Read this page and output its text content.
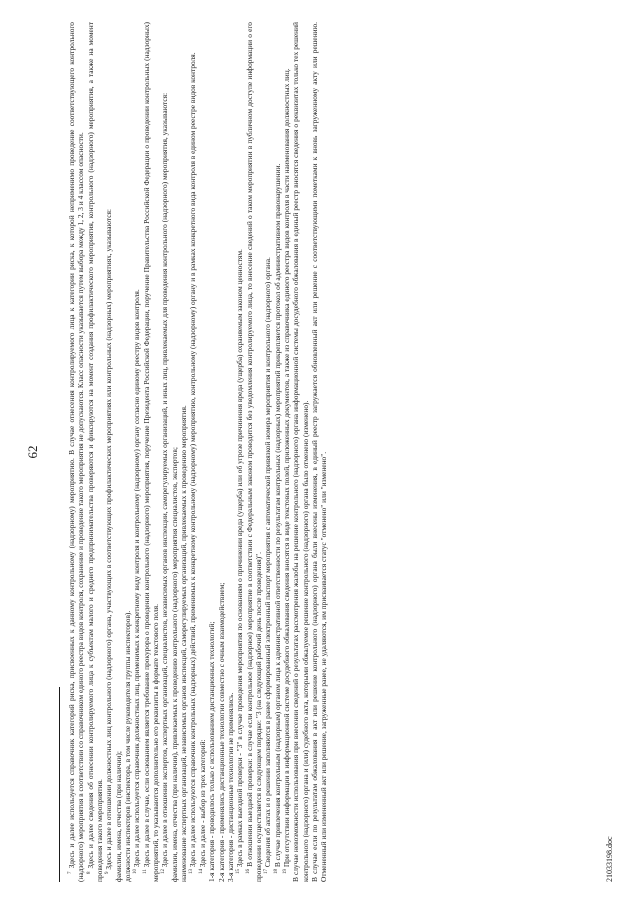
62

$^7$ Здесь и далее используется справочник категорий риска, присвоенных к данному контрольному (надзорному) мероприятию. В случае отнесения контролируемого лица к категории риска, к которой неприменимо проведение соответствующего контрольного (надзорного) мероприятия в соответствии со справочником единого реестра видов контроля, сохранение и проведение такого мероприятия не допускаются. Класс опасности указывается путем выбора между 1, 2, 3 и 4 классом опасности. $^8$ Здесь и далее сведения об отнесении контролируемого лица к субъектам малого и среднего предпринимательства проверяются и фиксируются на момент создания профилактического мероприятия, контрольного (надзорного) мероприятия, а также на момент проведения такого мероприятия. $^9$ Здесь и далее в отношении должностных лиц контрольного (надзорного) органа, участвующих в соответствующих профилактических мероприятиях или контрольных (надзорных) мероприятиях, указываются: фамилии, имена, отчества (при наличии); должности инспекторов (инспектора, в том числе руководителя группы инспекторов). $^{10}$ Здесь и далее используется справочник должностных лиц, применимых к конкретному виду контроля и контрольному (надзорному) органу согласно единому реестру видов контроля.

$^{11}$ Здесь и далее в случае, если основанием является требование прокурора о проведении контрольного (надзорного) мероприятия, поручение Президента Российской Федерации, поручение Правительства Российской Федерации о проведении контрольных (надзорных) мероприятий, то указываются дополнительно его реквизиты в формате текстового поля. $^{12}$ Здесь и далее в отношении экспертов, экспертных организаций, специалистов, независимых органов инспекции, саморегулируемых организаций, и иных лиц, привлекаемых для проведения контрольного (надзорного) мероприятия, указываются: фамилии, имена, отчества (при наличии), привлекаемых к проведению контрольного (надзорного) мероприятия специалистов, экспертов; наименование экспертных организаций, независимых органов инспекций, саморегулируемых организаций, привлекаемых к проведению мероприятия. $^{13}$ Здесь и далее используются справочник контрольных (надзорных) действий, применимых к конкретному контрольному (надзорному) мероприятию, контрольному (надзорному) органу и в рамках конкретного вида контроля в едином реестре видов контроля.

$^{14}$ Здесь и далее - выбор из трех категорий: 1-я категория - проводилось только с использованием дистанционных технологий; 2-я категория - применялись дистанционные технологии совместно с очным взаимодействием; 3-я категория - дистанционные технологии не применялись. $^{15}$ Здесь в рамках выездной проверки - "3" в случае проведения мероприятия по основаниям о причинении вреда (ущерба) или об угрозе причинения вреда (ущерба) охраняемым законом ценностям.

$^{16}$ В отношении выездной проверки: в случае если контрольное (надзорное) мероприятие в соответствии с Федеральным законом проводится без уведомления контролируемого лица, то внесение сведений о таком мероприятии в публичном доступе информации о его проведении осуществляется в следующем порядке: "3 (на следующий рабочий день после проведения)". $^{17}$ Сведения об актах и о решении заполняются в ранее сформированный электронный паспорт мероприятия с автоматической привязкой номера мероприятия и контрольного (надзорного) органа.

$^{18}$ В случае привлечения контрольным (надзорным) органом лица к административной ответственности по результатам контрольных (надзорных) мероприятий прикрепляется протокол об административном правонарушении.

$^{19}$ При отсутствии информации в информационной системе досудебного обжалования сведения вносятся в виде текстовых полей, приложенных документов, а также из справочника единого реестра видов контроля в части наименования должностных лиц. В случае невозможности использования при внесении сведений о результатах рассмотрения жалобы на решение контрольного (надзорного) органа информационной системы досудебного обжалования в единый реестр вносятся сведения о реквизитах только тех решений контрольного (надзорного) органа и (или) судебного акта, которыми обжалуемое решение контрольного (надзорного) органа было отменено (изменено). В случае если по результатам обжалования в акт или решение контрольного (надзорного) органа были внесены изменения, в единый реестр загружается обновленный акт или решение с соответствующими пометками к вновь загруженному акту или решению. Отмененный или измененный акт или решение, загруженные ранее, не удаляются, им присваивается статус "отменено" или "изменено".	21033198.doc
